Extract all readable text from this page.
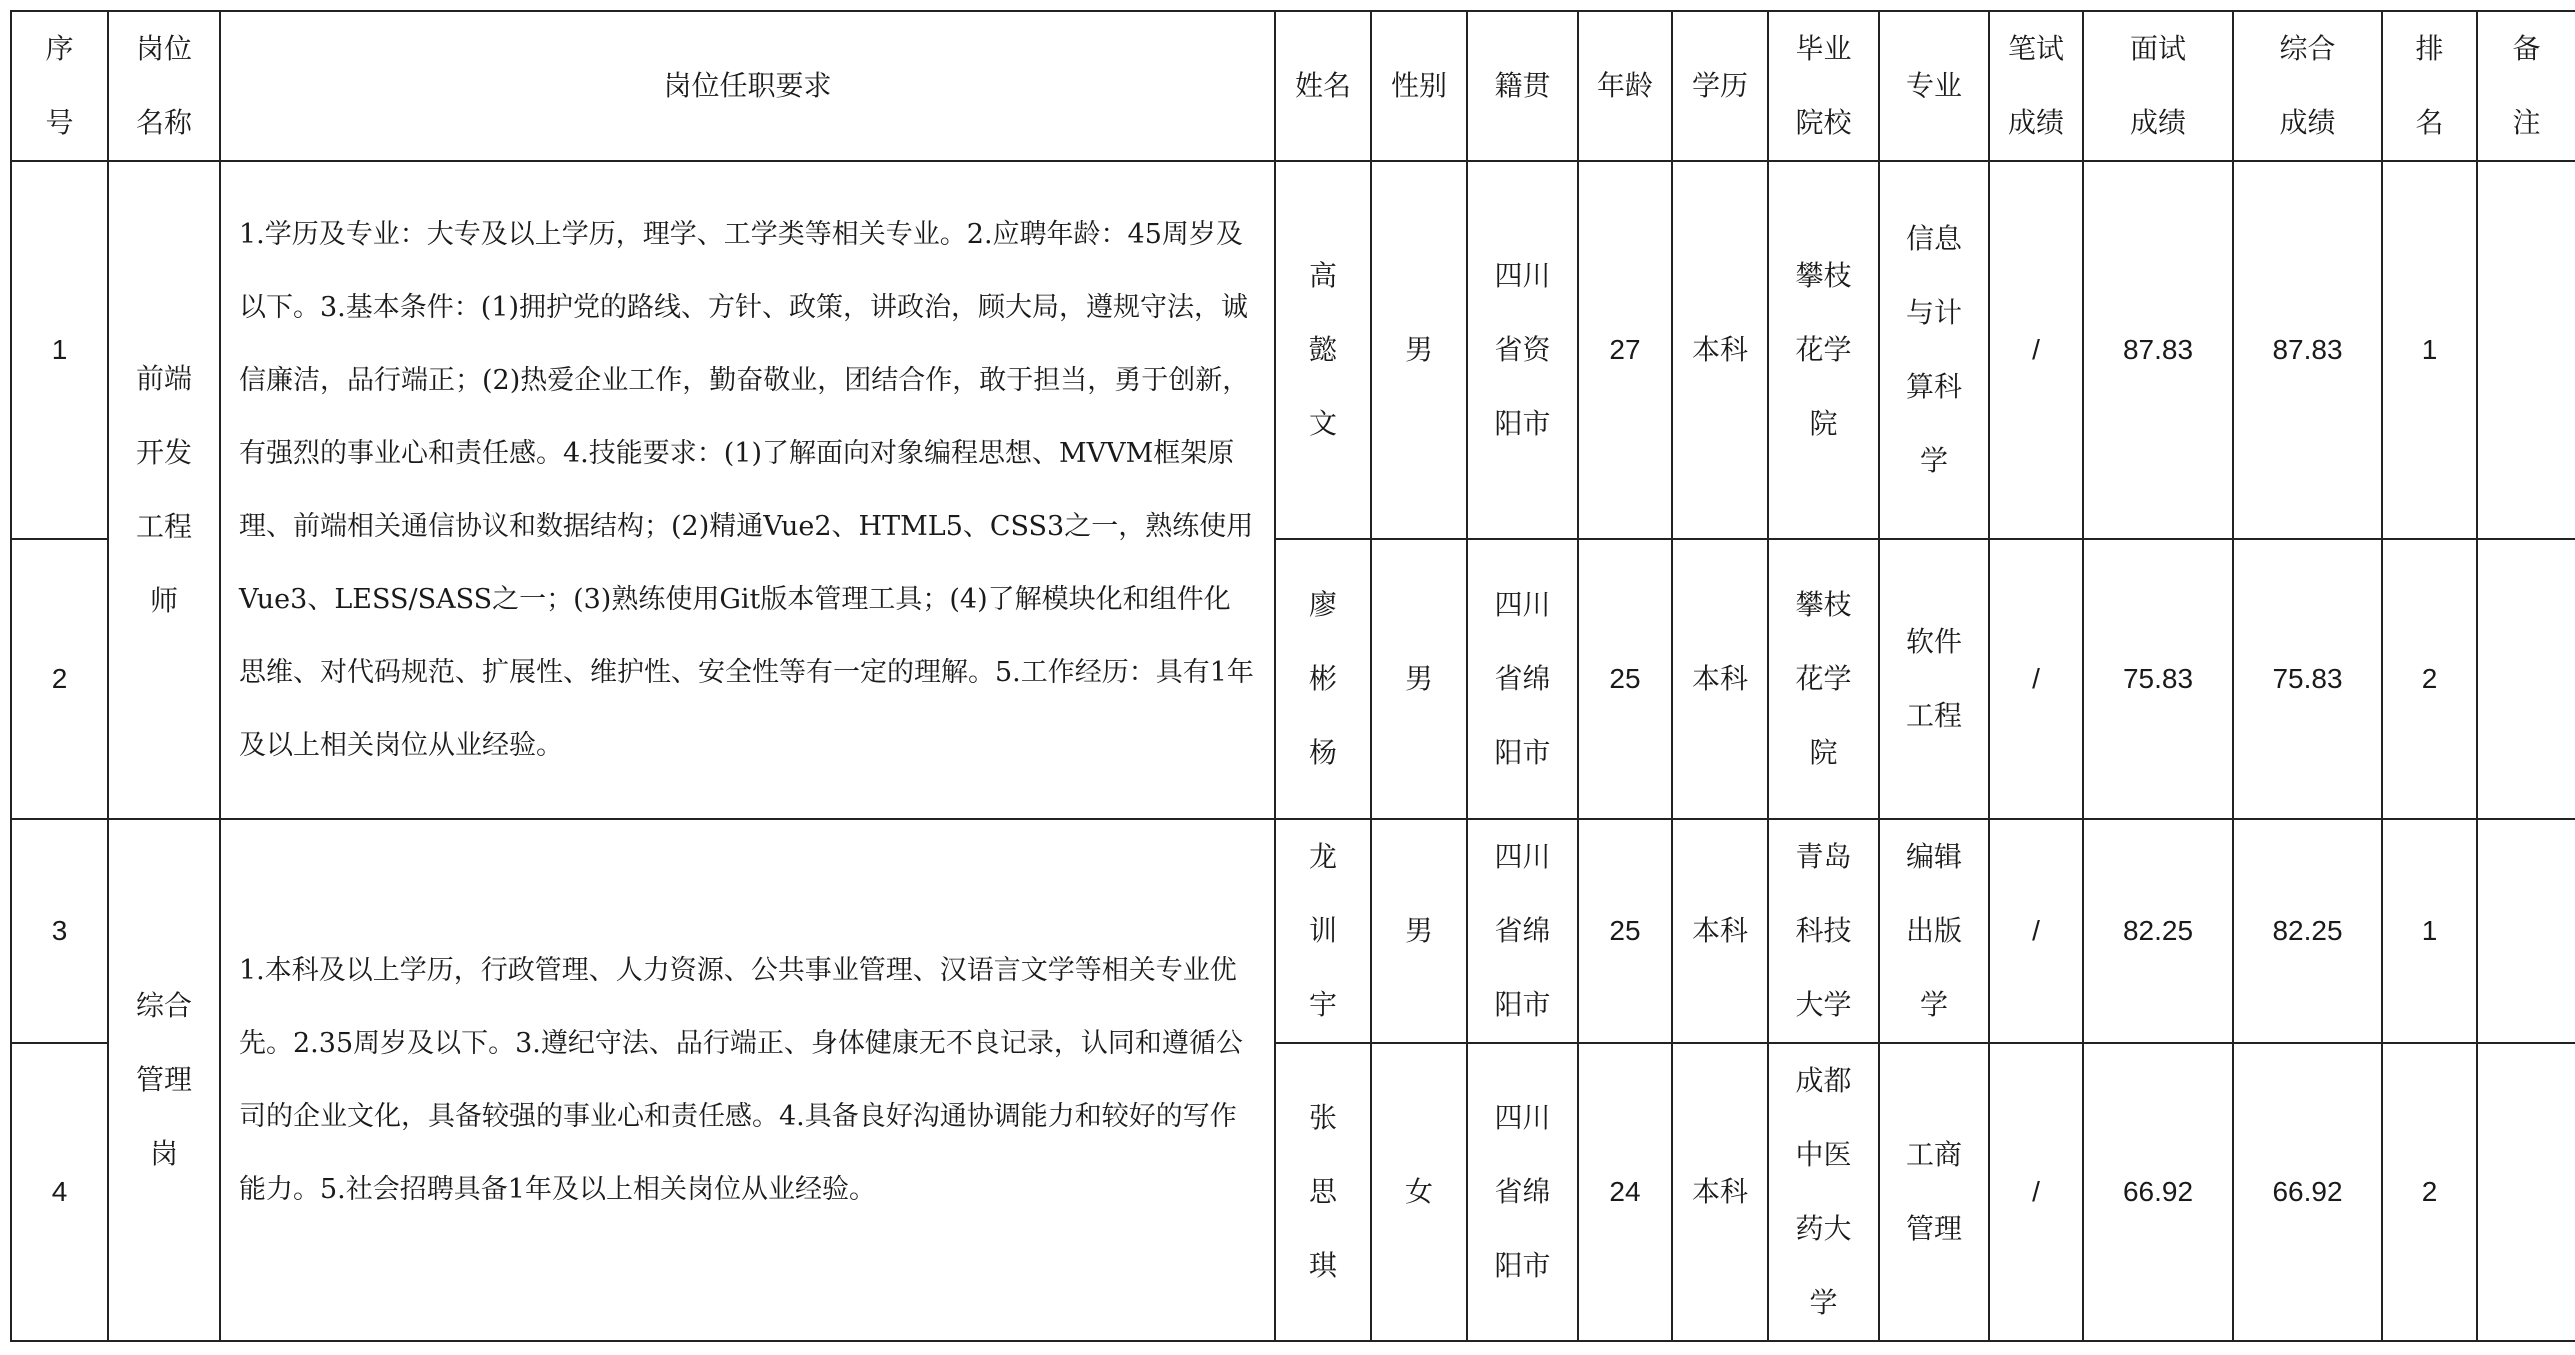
序号	岗位名称	岗位任职要求	姓名	性别	籍贯	年龄	学历	毕业院校	专业	笔试成绩	面试成绩	综合成绩	排名	备注
1	前端开发工程师	1.学历及专业：大专及以上学历，理学、工学类等相关专业。2.应聘年龄：45周岁及以下。3.基本条件：(1)拥护党的路线、方针、政策，讲政治，顾大局，遵规守法，诚信廉洁，品行端正；(2)热爱企业工作，勤奋敬业，团结合作，敢于担当，勇于创新，有强烈的事业心和责任感。4.技能要求：(1)了解面向对象编程思想、MVVM框架原理、前端相关通信协议和数据结构；(2)精通Vue2、HTML5、CSS3之一，熟练使用Vue3、LESS/SASS之一；(3)熟练使用Git版本管理工具；(4)了解模块化和组件化思维、对代码规范、扩展性、维护性、安全性等有一定的理解。5.工作经历：具有1年及以上相关岗位从业经验。	高懿文	男	四川省资阳市	27	本科	攀枝花学院	信息与计算科学	/	87.83	87.83	1	
2			廖彬杨	男	四川省绵阳市	25	本科	攀枝花学院	软件工程	/	75.83	75.83	2	
3	综合管理岗	1.本科及以上学历，行政管理、人力资源、公共事业管理、汉语言文学等相关专业优先。2.35周岁及以下。3.遵纪守法、品行端正、身体健康无不良记录，认同和遵循公司的企业文化，具备较强的事业心和责任感。4.具备良好沟通协调能力和较好的写作能力。5.社会招聘具备1年及以上相关岗位从业经验。	龙训宇	男	四川省绵阳市	25	本科	青岛科技大学	编辑出版学	/	82.25	82.25	1	
4			张思琪	女	四川省绵阳市	24	本科	成都中医药大学	工商管理	/	66.92	66.92	2	
